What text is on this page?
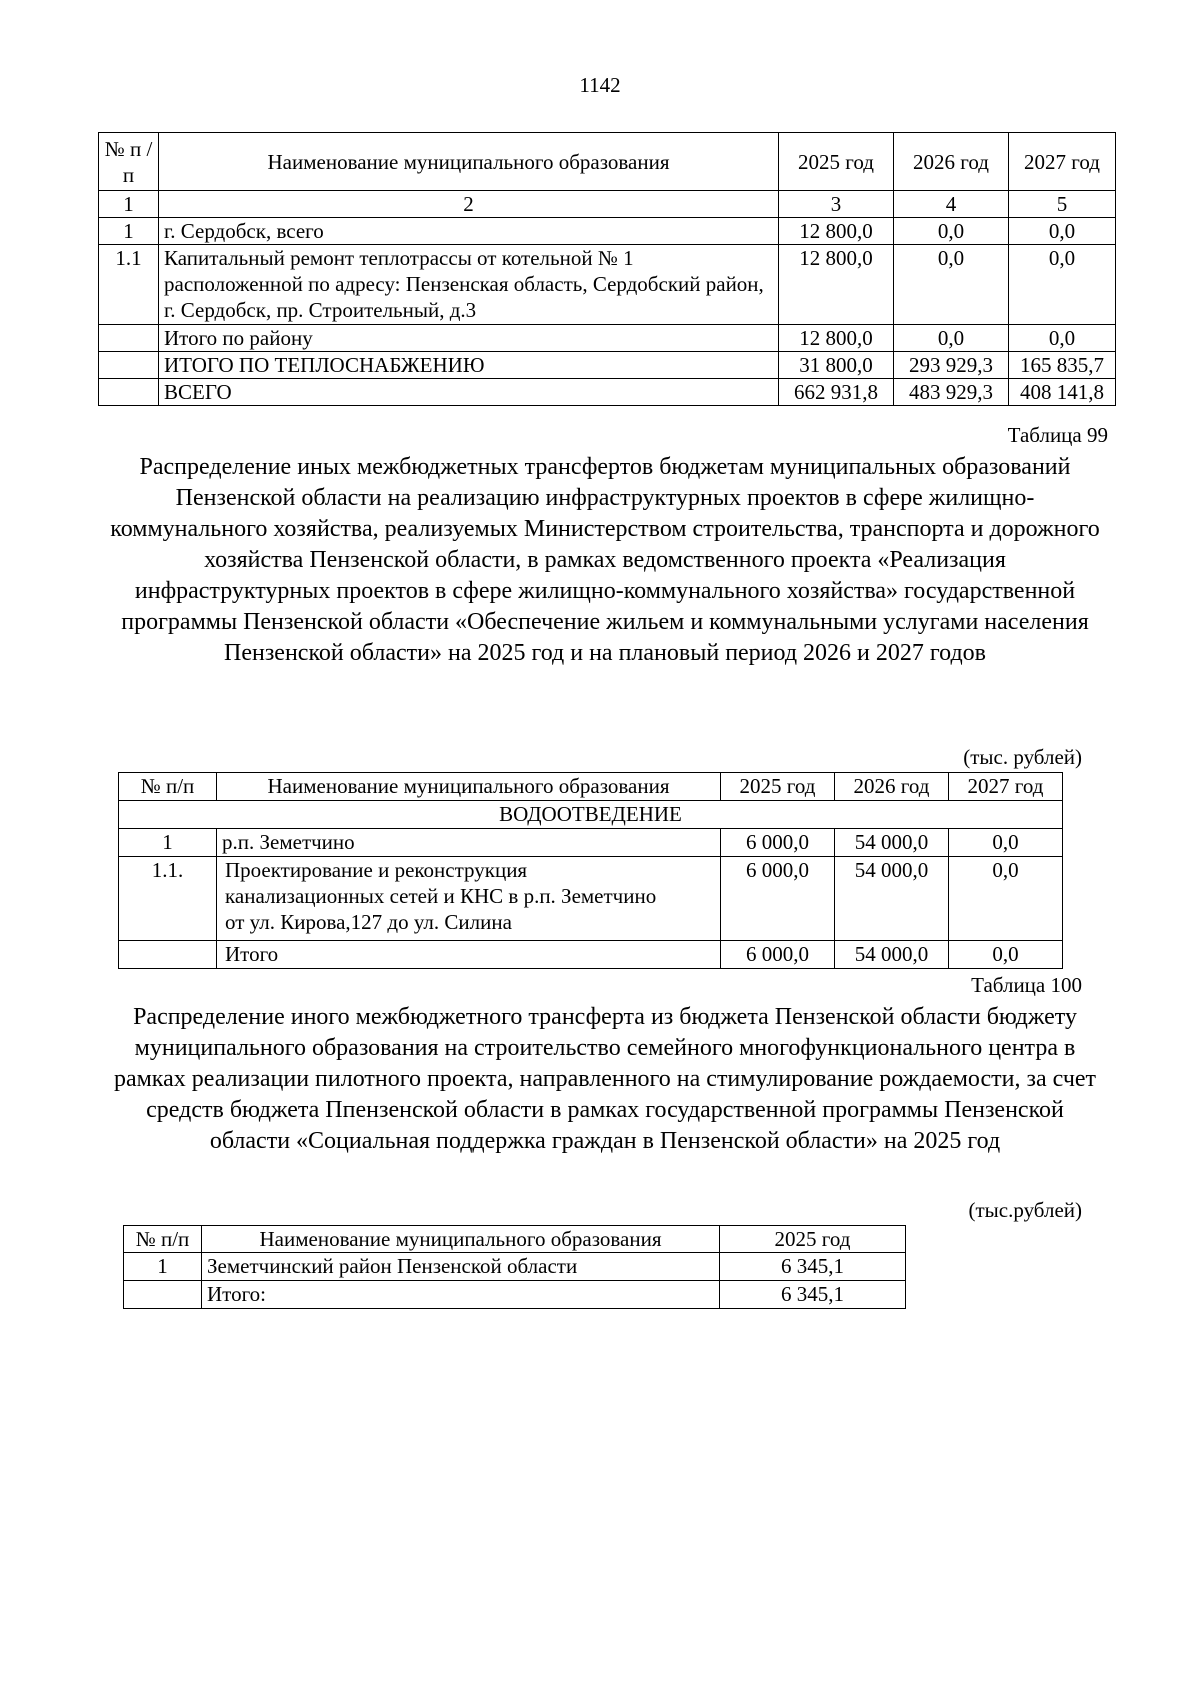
1142
№ п /п	Наименование муниципального образования	2025 год	2026 год	2027 год
1	2	3	4	5
1	г. Сердобск, всего	12 800,0	0,0	0,0
1.1	Капитальный ремонт теплотрассы от котельной № 1 расположенной по адресу: Пензенская область, Сердобский район, г. Сердобск, пр. Строительный, д.3	12 800,0	0,0	0,0
	Итого по району	12 800,0	0,0	0,0
	ИТОГО ПО ТЕПЛОСНАБЖЕНИЮ	31 800,0	293 929,3	165 835,7
	ВСЕГО	662 931,8	483 929,3	408 141,8
Таблица 99

Распределение иных межбюджетных трансфертов бюджетам муниципальных образований Пензенской области на реализацию инфраструктурных проектов в сфере жилищно-коммунального хозяйства, реализуемых Министерством строительства, транспорта и дорожного хозяйства Пензенской области, в рамках ведомственного проекта «Реализация инфраструктурных проектов в сфере жилищно-коммунального хозяйства» государственной программы Пензенской области «Обеспечение жильем и коммунальными услугами населения Пензенской области» на 2025 год и на плановый период 2026 и 2027 годов

(тыс. рублей)
№ п/п	Наименование муниципального образования	2025 год	2026 год	2027 год
ВОДООТВЕДЕНИЕ				
1	р.п. Земетчино	6 000,0	54 000,0	0,0
1.1.	Проектирование и реконструкция канализационных сетей и КНС в р.п. Земетчино от ул. Кирова,127 до ул. Силина	6 000,0	54 000,0	0,0
	Итого	6 000,0	54 000,0	0,0
Таблица 100

Распределение иного межбюджетного трансферта из бюджета Пензенской области бюджету муниципального образования на строительство семейного многофункционального центра в рамках реализации пилотного проекта, направленного на стимулирование рождаемости, за счет средств бюджета Ппензенской области в рамках государственной программы Пензенской области «Социальная поддержка граждан в Пензенской области» на 2025 год

(тыс.рублей)
№ п/п	Наименование муниципального образования	2025 год
1	Земетчинский район Пензенской области	6 345,1
	Итого:	6 345,1
